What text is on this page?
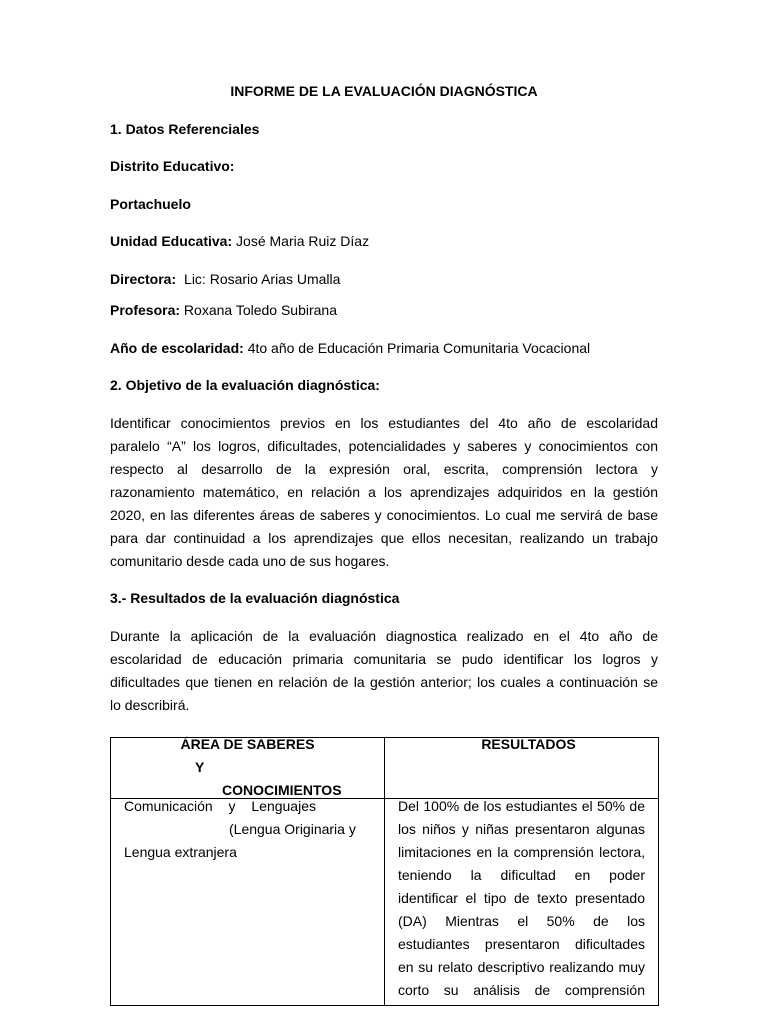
INFORME DE LA EVALUACIÓN DIAGNÓSTICA
1. Datos Referenciales
Distrito Educativo:
Portachuelo
Unidad Educativa: José Maria Ruiz Díaz
Directora: Lic: Rosario Arias Umalla
Profesora: Roxana Toledo Subirana
Año de escolaridad: 4to año de Educación Primaria Comunitaria Vocacional
2. Objetivo de la evaluación diagnóstica:
Identificar conocimientos previos en los estudiantes del 4to año de escolaridad
paralelo “A” los logros, dificultades, potencialidades y saberes y conocimientos con
respecto al desarrollo de la expresión oral, escrita, comprensión lectora y
razonamiento matemático, en relación a los aprendizajes adquiridos en la gestión
2020, en las diferentes áreas de saberes y conocimientos. Lo cual me servirá de base
para dar continuidad a los aprendizajes que ellos necesitan, realizando un trabajo
comunitario desde cada uno de sus hogares.
3.- Resultados de la evaluación diagnóstica
Durante la aplicación de la evaluación diagnostica realizado en el 4to año de
escolaridad de educación primaria comunitaria se pudo identificar los logros y
dificultades que tienen en relación de la gestión anterior; los cuales a continuación se
lo describirá.
ÁREA DE SABERES
Y
CONOCIMIENTOS
RESULTADOS
Comunicación y Lenguajes
(Lengua Originaria y
Lengua extranjera
Del 100% de los estudiantes el 50% de
los niños y niñas presentaron algunas
limitaciones en la comprensión lectora,
teniendo la dificultad en poder
identificar el tipo de texto presentado
(DA) Mientras el 50% de los
estudiantes presentaron dificultades
en su relato descriptivo realizando muy
corto su análisis de comprensión
